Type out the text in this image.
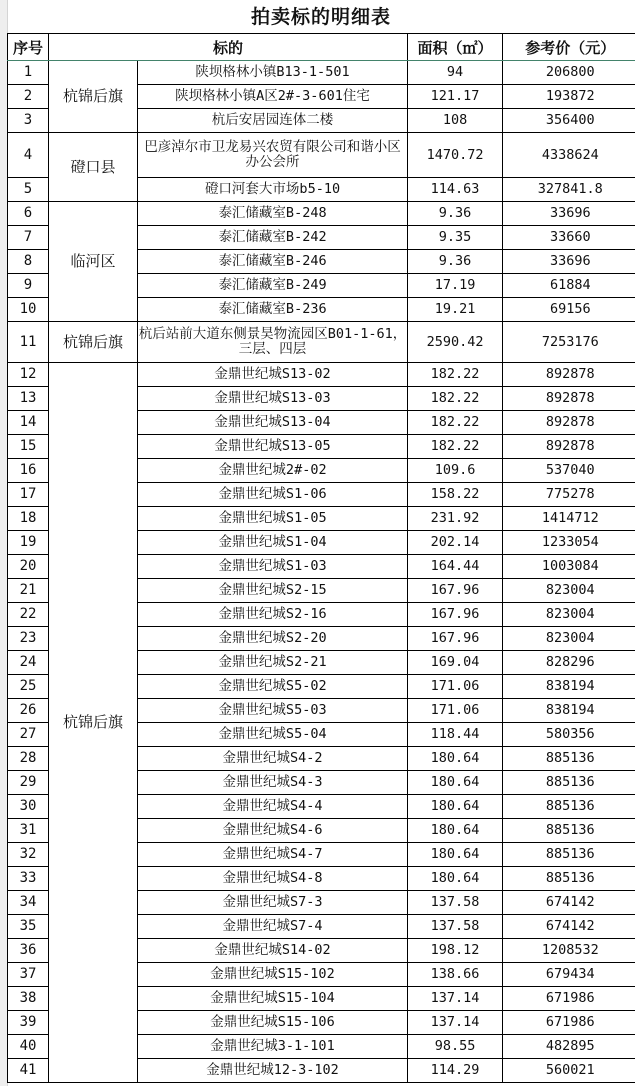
拍卖标的明细表
序号	标的		面积（㎡）	参考价（元）
1	杭锦后旗	陕坝格林小镇B13-1-501	94	206800
2		陕坝格林小镇A区2#-3-601住宅	121.17	193872
3		杭后安居园连体二楼	108	356400
4	磴口县	巴彦淖尔市卫龙易兴农贸有限公司和谐小区办公会所	1470.72	4338624
5		磴口河套大市场b5-10	114.63	327841.8
6	临河区	泰汇储藏室B-248	9.36	33696
7		泰汇储藏室B-242	9.35	33660
8		泰汇储藏室B-246	9.36	33696
9		泰汇储藏室B-249	17.19	61884
10		泰汇储藏室B-236	19.21	69156
11	杭锦后旗	杭后站前大道东侧景昊物流园区B01-1-61，三层、四层	2590.42	7253176
12	杭锦后旗	金鼎世纪城S13-02	182.22	892878
13		金鼎世纪城S13-03	182.22	892878
14		金鼎世纪城S13-04	182.22	892878
15		金鼎世纪城S13-05	182.22	892878
16		金鼎世纪城2#-02	109.6	537040
17		金鼎世纪城S1-06	158.22	775278
18		金鼎世纪城S1-05	231.92	1414712
19		金鼎世纪城S1-04	202.14	1233054
20		金鼎世纪城S1-03	164.44	1003084
21		金鼎世纪城S2-15	167.96	823004
22		金鼎世纪城S2-16	167.96	823004
23		金鼎世纪城S2-20	167.96	823004
24		金鼎世纪城S2-21	169.04	828296
25		金鼎世纪城S5-02	171.06	838194
26		金鼎世纪城S5-03	171.06	838194
27		金鼎世纪城S5-04	118.44	580356
28		金鼎世纪城S4-2	180.64	885136
29		金鼎世纪城S4-3	180.64	885136
30		金鼎世纪城S4-4	180.64	885136
31		金鼎世纪城S4-6	180.64	885136
32		金鼎世纪城S4-7	180.64	885136
33		金鼎世纪城S4-8	180.64	885136
34		金鼎世纪城S7-3	137.58	674142
35		金鼎世纪城S7-4	137.58	674142
36		金鼎世纪城S14-02	198.12	1208532
37		金鼎世纪城S15-102	138.66	679434
38		金鼎世纪城S15-104	137.14	671986
39		金鼎世纪城S15-106	137.14	671986
40		金鼎世纪城3-1-101	98.55	482895
41		金鼎世纪城12-3-102	114.29	560021
